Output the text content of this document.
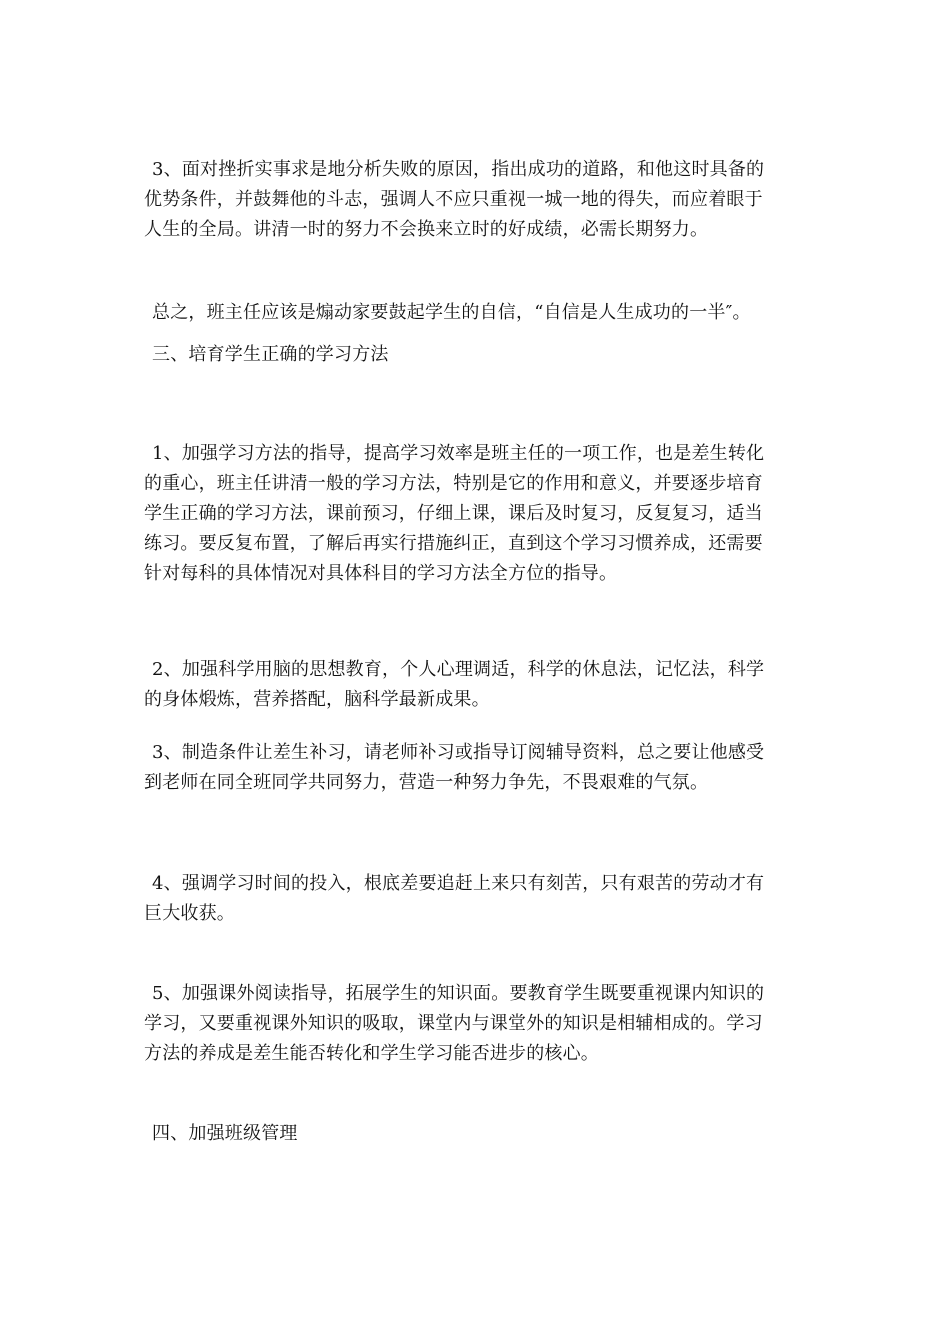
3、面对挫折实事求是地分析失败的原因，指出成功的道路，和他这时具备的
优势条件，并鼓舞他的斗志，强调人不应只重视一城一地的得失，而应着眼于
人生的全局。讲清一时的努力不会换来立时的好成绩，必需长期努力。
总之，班主任应该是煽动家要鼓起学生的自信，“自信是人生成功的一半″。
三、培育学生正确的学习方法
1、加强学习方法的指导，提高学习效率是班主任的一项工作，也是差生转化
的重心，班主任讲清一般的学习方法，特别是它的作用和意义，并要逐步培育
学生正确的学习方法，课前预习，仔细上课，课后及时复习，反复复习，适当
练习。要反复布置，了解后再实行措施纠正，直到这个学习习惯养成，还需要
针对每科的具体情况对具体科目的学习方法全方位的指导。
2、加强科学用脑的思想教育，个人心理调适，科学的休息法，记忆法，科学
的身体煅炼，营养搭配，脑科学最新成果。
3、制造条件让差生补习，请老师补习或指导订阅辅导资料，总之要让他感受
到老师在同全班同学共同努力，营造一种努力争先，不畏艰难的气氛。
4、强调学习时间的投入，根底差要追赶上来只有刻苦，只有艰苦的劳动才有
巨大收获。
5、加强课外阅读指导，拓展学生的知识面。要教育学生既要重视课内知识的
学习，又要重视课外知识的吸取，课堂内与课堂外的知识是相辅相成的。学习
方法的养成是差生能否转化和学生学习能否进步的核心。
四、加强班级管理
